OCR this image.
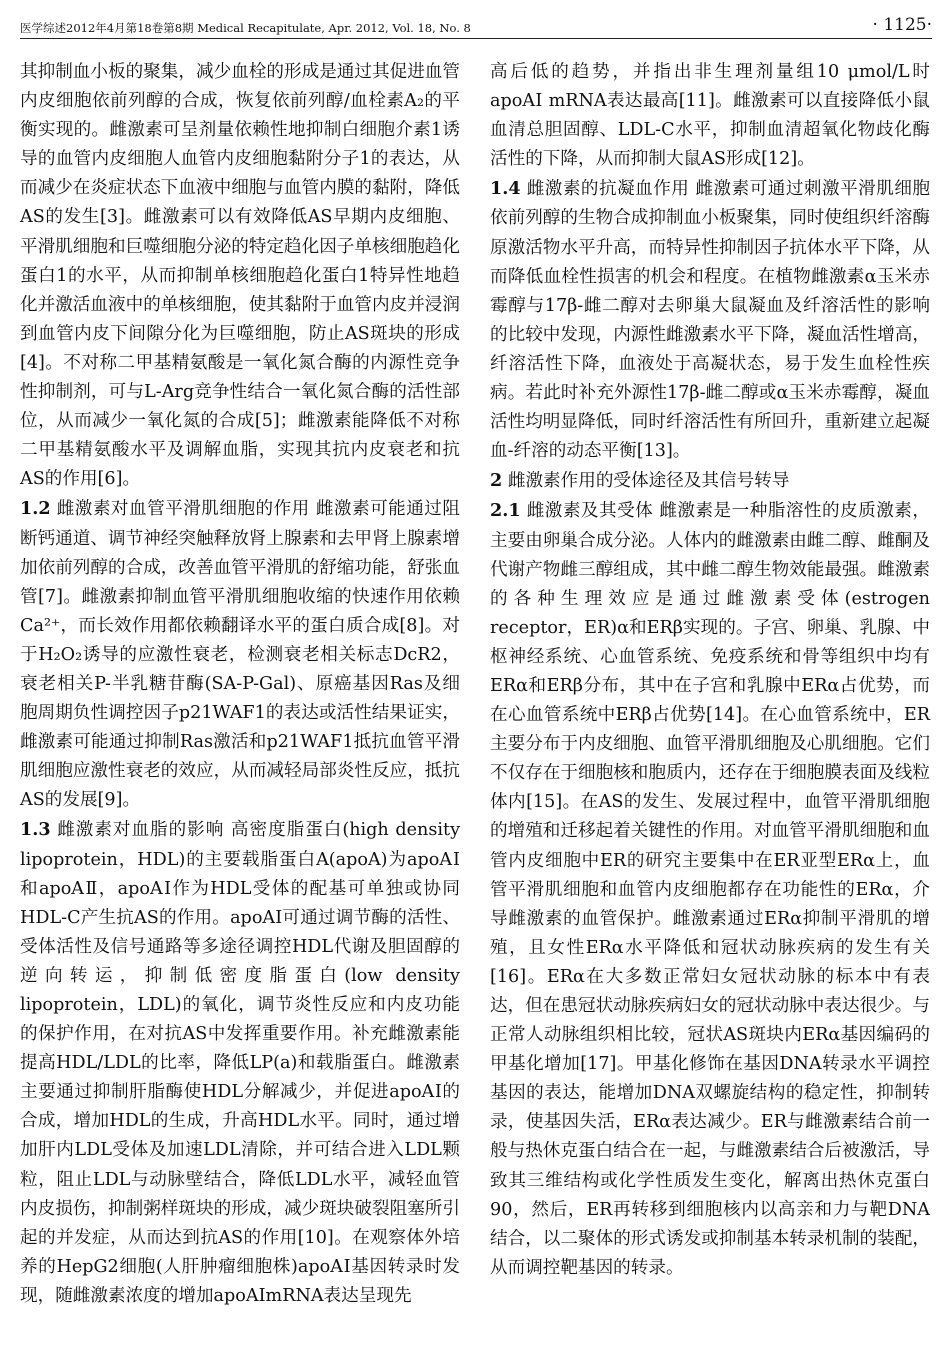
医学综述2012年4月第18卷第8期 Medical Recapitulate, Apr. 2012, Vol. 18, No. 8	· 1125·

其抑制血小板的聚集，减少血栓的形成是通过其促进血管内皮细胞依前列醇的合成，恢复依前列醇/血栓素A₂的平衡实现的。雌激素可呈剂量依赖性地抑制白细胞介素1诱导的血管内皮细胞人血管内皮细胞黏附分子1的表达，从而减少在炎症状态下血液中细胞与血管内膜的黏附，降低AS的发生[3]。雌激素可以有效降低AS早期内皮细胞、平滑肌细胞和巨噬细胞分泌的特定趋化因子单核细胞趋化蛋白1的水平，从而抑制单核细胞趋化蛋白1特异性地趋化并激活血液中的单核细胞，使其黏附于血管内皮并浸润到血管内皮下间隙分化为巨噬细胞，防止AS斑块的形成[4]。不对称二甲基精氨酸是一氧化氮合酶的内源性竞争性抑制剂，可与L-Arg竞争性结合一氧化氮合酶的活性部位，从而减少一氧化氮的合成[5]；雌激素能降低不对称二甲基精氨酸水平及调解血脂，实现其抗内皮衰老和抗AS的作用[6]。

1.2 雌激素对血管平滑肌细胞的作用 雌激素可能通过阻断钙通道、调节神经突触释放肾上腺素和去甲肾上腺素增加依前列醇的合成，改善血管平滑肌的舒缩功能，舒张血管[7]。雌激素抑制血管平滑肌细胞收缩的快速作用依赖Ca²⁺，而长效作用都依赖翻译水平的蛋白质合成[8]。对于H₂O₂诱导的应激性衰老，检测衰老相关标志DcR2，衰老相关P-半乳糖苷酶(SA-P-Gal)、原癌基因Ras及细胞周期负性调控因子p21WAF1的表达或活性结果证实，雌激素可能通过抑制Ras激活和p21WAF1抵抗血管平滑肌细胞应激性衰老的效应，从而减轻局部炎性反应，抵抗AS的发展[9]。

1.3 雌激素对血脂的影响 高密度脂蛋白(high density lipoprotein，HDL)的主要载脂蛋白A(apoA)为apoAⅠ和apoAⅡ，apoAⅠ作为HDL受体的配基可单独或协同HDL-C产生抗AS的作用。apoAⅠ可通过调节酶的活性、受体活性及信号通路等多途径调控HDL代谢及胆固醇的逆向转运，抑制低密度脂蛋白(low density lipoprotein，LDL)的氧化，调节炎性反应和内皮功能的保护作用，在对抗AS中发挥重要作用。补充雌激素能提高HDL/LDL的比率，降低LP(a)和载脂蛋白。雌激素主要通过抑制肝脂酶使HDL分解减少，并促进apoAⅠ的合成，增加HDL的生成，升高HDL水平。同时，通过增加肝内LDL受体及加速LDL清除，并可结合进入LDL颗粒，阻止LDL与动脉壁结合，降低LDL水平，减轻血管内皮损伤，抑制粥样斑块的形成，减少斑块破裂阻塞所引起的并发症，从而达到抗AS的作用[10]。在观察体外培养的HepG2细胞(人肝肿瘤细胞株)apoAⅠ基因转录时发现，随雌激素浓度的增加apoAⅠmRNA表达呈现先

高后低的趋势，并指出非生理剂量组10 μmol/L时apoAⅠ mRNA表达最高[11]。雌激素可以直接降低小鼠血清总胆固醇、LDL-C水平，抑制血清超氧化物歧化酶活性的下降，从而抑制大鼠AS形成[12]。

1.4 雌激素的抗凝血作用 雌激素可通过刺激平滑肌细胞依前列醇的生物合成抑制血小板聚集，同时使组织纤溶酶原激活物水平升高，而特异性抑制因子抗体水平下降，从而降低血栓性损害的机会和程度。在植物雌激素α玉米赤霉醇与17β-雌二醇对去卵巢大鼠凝血及纤溶活性的影响的比较中发现，内源性雌激素水平下降，凝血活性增高，纤溶活性下降，血液处于高凝状态，易于发生血栓性疾病。若此时补充外源性17β-雌二醇或α玉米赤霉醇，凝血活性均明显降低，同时纤溶活性有所回升，重新建立起凝血-纤溶的动态平衡[13]。

2 雌激素作用的受体途径及其信号转导

2.1 雌激素及其受体 雌激素是一种脂溶性的皮质激素，主要由卵巢合成分泌。人体内的雌激素由雌二醇、雌酮及代谢产物雌三醇组成，其中雌二醇生物效能最强。雌激素的各种生理效应是通过雌激素受体(estrogen receptor，ER)α和ERβ实现的。子宫、卵巢、乳腺、中枢神经系统、心血管系统、免疫系统和骨等组织中均有ERα和ERβ分布，其中在子宫和乳腺中ERα占优势，而在心血管系统中ERβ占优势[14]。在心血管系统中，ER主要分布于内皮细胞、血管平滑肌细胞及心肌细胞。它们不仅存在于细胞核和胞质内，还存在于细胞膜表面及线粒体内[15]。在AS的发生、发展过程中，血管平滑肌细胞的增殖和迁移起着关键性的作用。对血管平滑肌细胞和血管内皮细胞中ER的研究主要集中在ER亚型ERα上，血管平滑肌细胞和血管内皮细胞都存在功能性的ERα，介导雌激素的血管保护。雌激素通过ERα抑制平滑肌的增殖，且女性ERα水平降低和冠状动脉疾病的发生有关[16]。ERα在大多数正常妇女冠状动脉的标本中有表达，但在患冠状动脉疾病妇女的冠状动脉中表达很少。与正常人动脉组织相比较，冠状AS斑块内ERα基因编码的甲基化增加[17]。甲基化修饰在基因DNA转录水平调控基因的表达，能增加DNA双螺旋结构的稳定性，抑制转录，使基因失活，ERα表达减少。ER与雌激素结合前一般与热休克蛋白结合在一起，与雌激素结合后被激活，导致其三维结构或化学性质发生变化，解离出热休克蛋白90，然后，ER再转移到细胞核内以高亲和力与靶DNA结合，以二聚体的形式诱发或抑制基本转录机制的装配，从而调控靶基因的转录。
